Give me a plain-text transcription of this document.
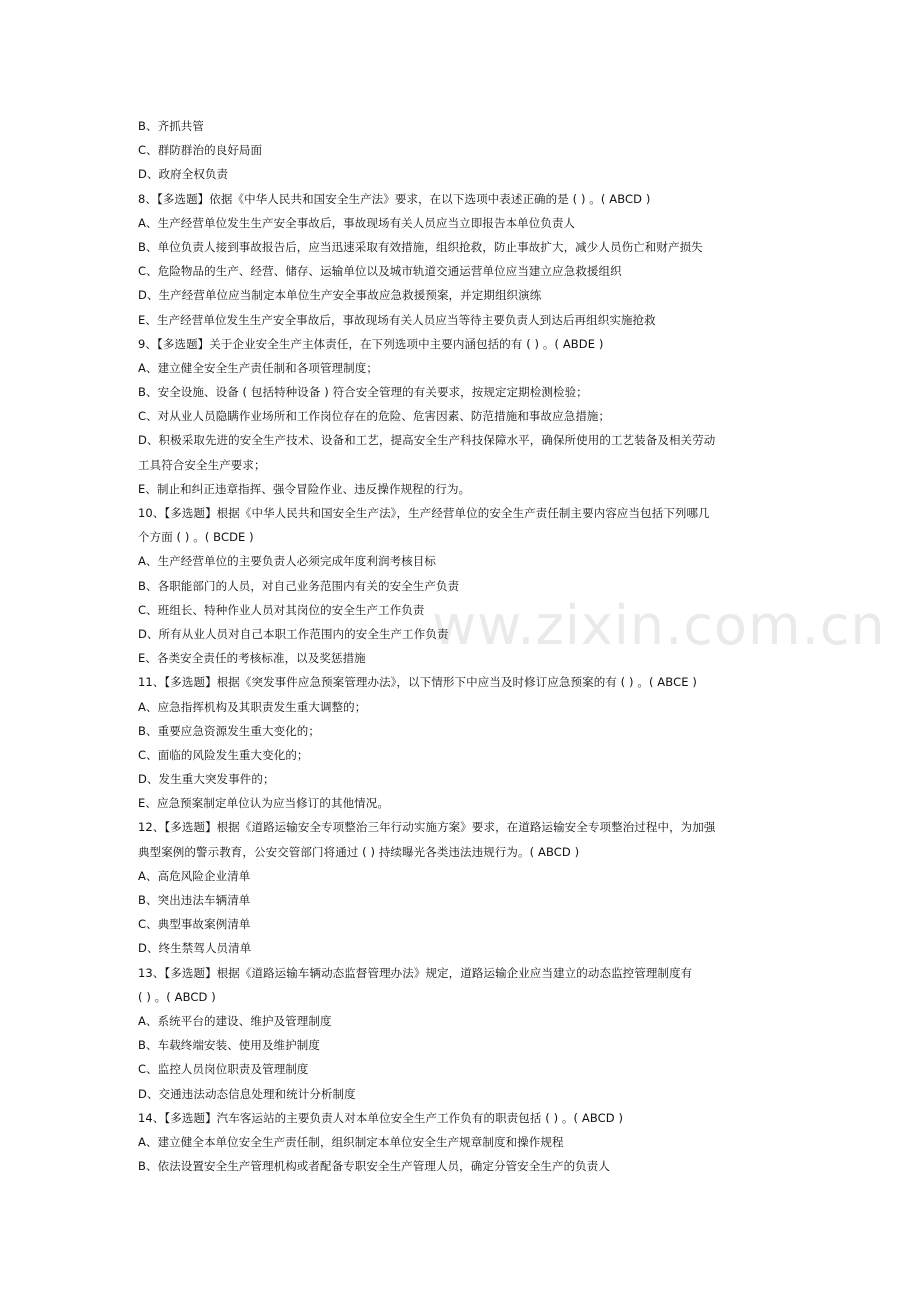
ww.zixin.com.cn
B、齐抓共管
C、群防群治的良好局面
D、政府全权负责
8、【多选题】依据《中华人民共和国安全生产法》要求，在以下选项中表述正确的是 ( ) 。( ABCD )
A、生产经营单位发生生产安全事故后，事故现场有关人员应当立即报告本单位负责人
B、单位负责人接到事故报告后，应当迅速采取有效措施，组织抢救，防止事故扩大，减少人员伤亡和财产损失
C、危险物品的生产、经营、储存、运输单位以及城市轨道交通运营单位应当建立应急救援组织
D、生产经营单位应当制定本单位生产安全事故应急救援预案，并定期组织演练
E、生产经营单位发生生产安全事故后，事故现场有关人员应当等待主要负责人到达后再组织实施抢救
9、【多选题】关于企业安全生产主体责任，在下列选项中主要内涵包括的有 ( ) 。( ABDE )
A、建立健全安全生产责任制和各项管理制度；
B、安全设施、设备 ( 包括特种设备 ) 符合安全管理的有关要求，按规定定期检测检验；
C、对从业人员隐瞒作业场所和工作岗位存在的危险、危害因素、防范措施和事故应急措施；
D、积极采取先进的安全生产技术、设备和工艺，提高安全生产科技保障水平，确保所使用的工艺装备及相关劳动
工具符合安全生产要求；
E、制止和纠正违章指挥、强令冒险作业、违反操作规程的行为。
10、【多选题】根据《中华人民共和国安全生产法》，生产经营单位的安全生产责任制主要内容应当包括下列哪几
个方面 ( ) 。( BCDE )
A、生产经营单位的主要负责人必须完成年度利润考核目标
B、各职能部门的人员，对自己业务范围内有关的安全生产负责
C、班组长、特种作业人员对其岗位的安全生产工作负责
D、所有从业人员对自己本职工作范围内的安全生产工作负责
E、各类安全责任的考核标准，以及奖惩措施
11、【多选题】根据《突发事件应急预案管理办法》，以下情形下中应当及时修订应急预案的有 ( ) 。( ABCE )
A、应急指挥机构及其职责发生重大调整的；
B、重要应急资源发生重大变化的；
C、面临的风险发生重大变化的；
D、发生重大突发事件的；
E、应急预案制定单位认为应当修订的其他情况。
12、【多选题】根据《道路运输安全专项整治三年行动实施方案》要求，在道路运输安全专项整治过程中，为加强
典型案例的警示教育，公安交管部门将通过 ( ) 持续曝光各类违法违规行为。( ABCD )
A、高危风险企业清单
B、突出违法车辆清单
C、典型事故案例清单
D、终生禁驾人员清单
13、【多选题】根据《道路运输车辆动态监督管理办法》规定，道路运输企业应当建立的动态监控管理制度有
( ) 。( ABCD )
A、系统平台的建设、维护及管理制度
B、车载终端安装、使用及维护制度
C、监控人员岗位职责及管理制度
D、交通违法动态信息处理和统计分析制度
14、【多选题】汽车客运站的主要负责人对本单位安全生产工作负有的职责包括 ( ) 。( ABCD )
A、建立健全本单位安全生产责任制，组织制定本单位安全生产规章制度和操作规程
B、依法设置安全生产管理机构或者配备专职安全生产管理人员，确定分管安全生产的负责人
